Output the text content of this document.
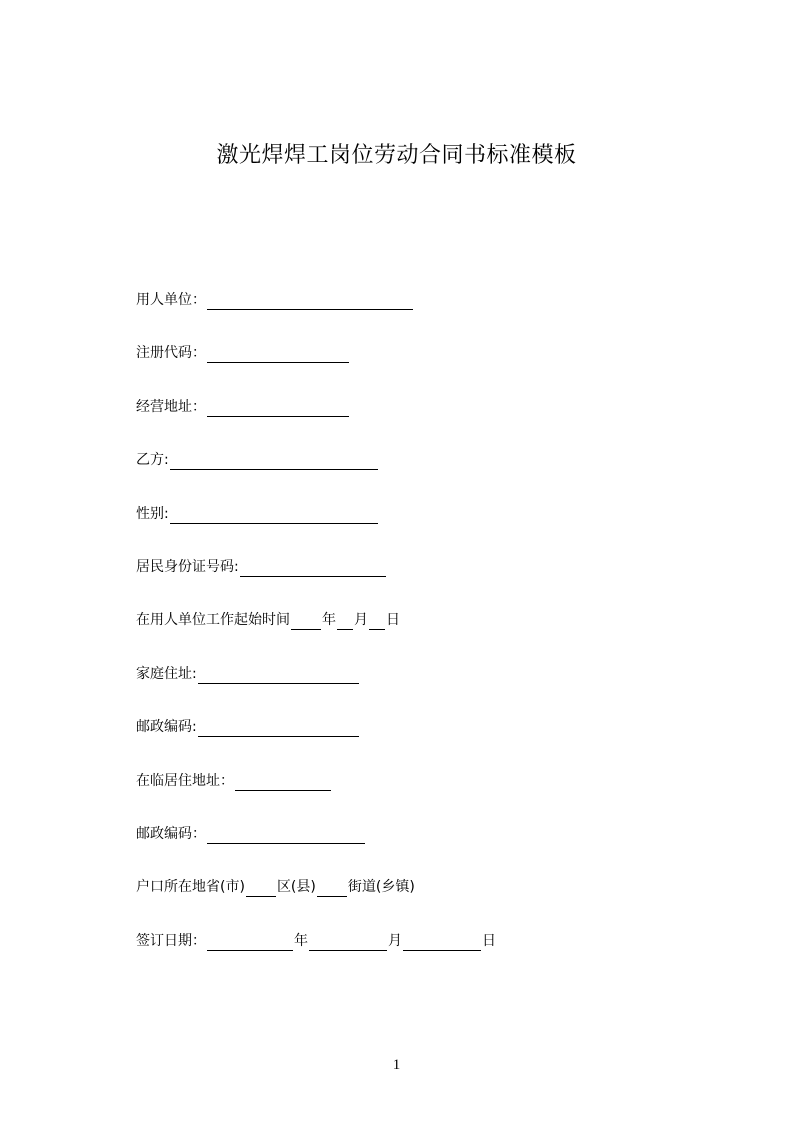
激光焊焊工岗位劳动合同书标准模板
用人单位：
注册代码：
经营地址：
乙方:
性别:
居民身份证号码:
在用人单位工作起始时间 年 月 日
家庭住址:
邮政编码:
在临居住地址：
邮政编码：
户口所在地省(市) 区(县) 街道(乡镇)
签订日期：	年	月	日
1
